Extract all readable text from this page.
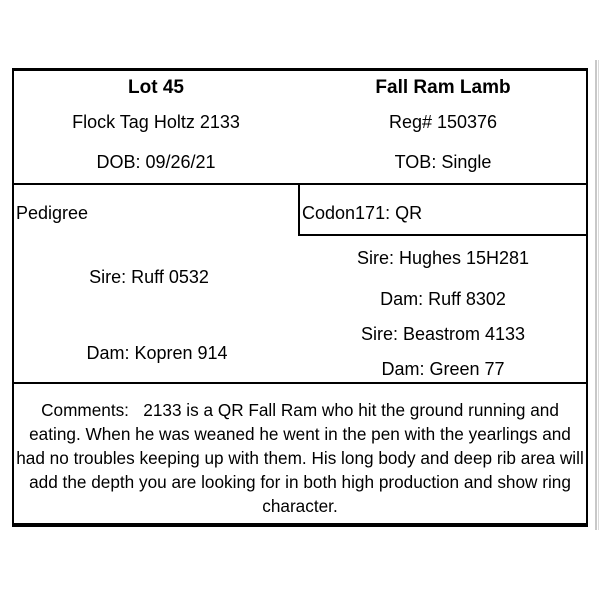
Lot 45	Fall Ram Lamb
Flock Tag Holtz 2133	Reg# 150376
DOB: 09/26/21	TOB: Single
Pedigree	Codon171: QR
Sire: Ruff 0532
Dam: Kopren 914
Sire: Hughes 15H281
Dam: Ruff 8302
Sire: Beastrom 4133
Dam: Green 77
Comments:   2133 is a QR Fall Ram who hit the ground running and eating. When he was weaned he went in the pen with the yearlings and had no troubles keeping up with them. His long body and deep rib area will add the depth you are looking for in both high production and show ring character.
